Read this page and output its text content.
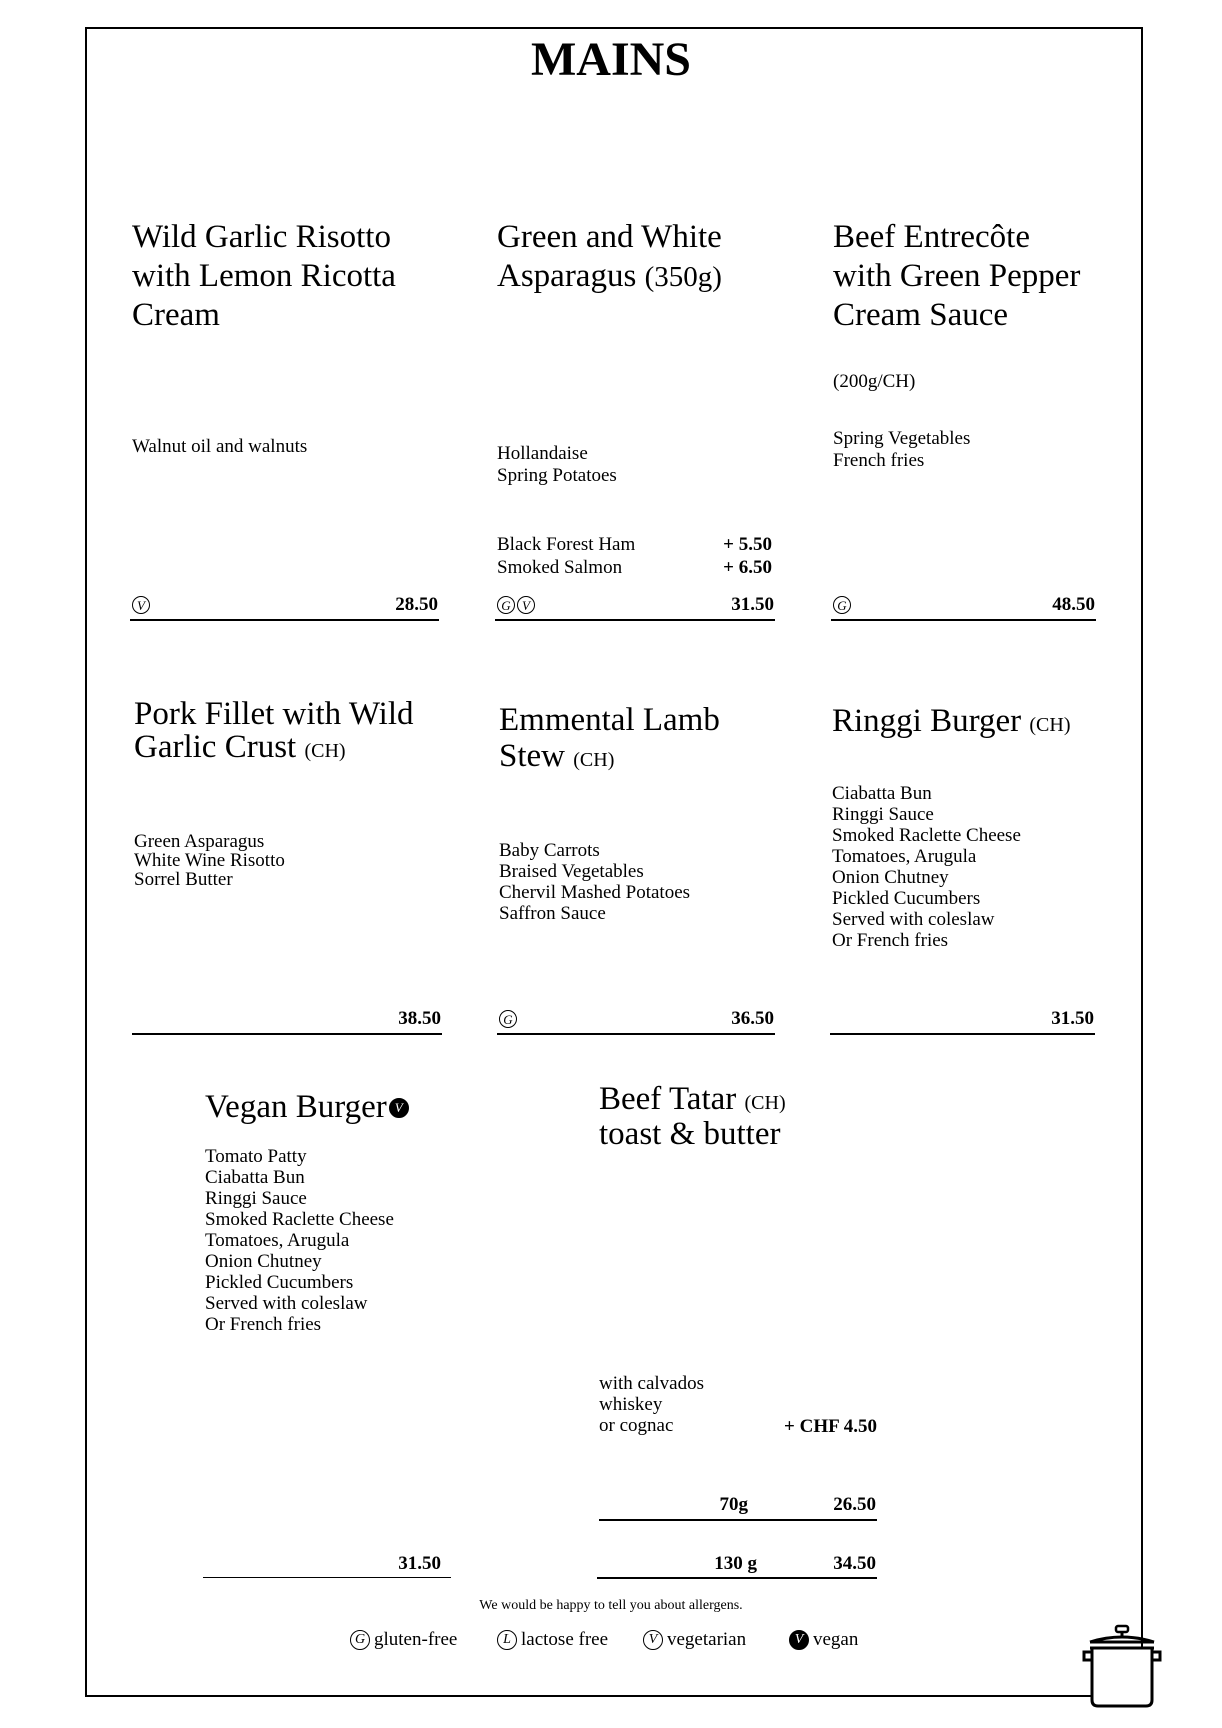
MAINS
Wild Garlic Risotto with Lemon Ricotta Cream
Walnut oil and walnuts
V	28.50
Green and White Asparagus (350g)
Hollandaise
Spring Potatoes
Black Forest Ham	+ 5.50
Smoked Salmon	+ 6.50
G V	31.50
Beef Entrecôte with Green Pepper Cream Sauce
(200g/CH)
Spring Vegetables
French fries
G	48.50
Pork Fillet with Wild
Garlic Crust (CH)
Green Asparagus
White Wine Risotto
Sorrel Butter
38.50
Emmental Lamb
Stew (CH)
Baby Carrots
Braised Vegetables
Chervil Mashed Potatoes
Saffron Sauce
G	36.50
Ringgi Burger (CH)
Ciabatta Bun
Ringgi Sauce
Smoked Raclette Cheese
Tomatoes, Arugula
Onion Chutney
Pickled Cucumbers
Served with coleslaw
Or French fries
31.50
Vegan Burger V
Tomato Patty
Ciabatta Bun
Ringgi Sauce
Smoked Raclette Cheese
Tomatoes, Arugula
Onion Chutney
Pickled Cucumbers
Served with coleslaw
Or French fries
31.50
Beef Tatar (CH)
toast & butter
with calvados
whiskey
or cognac	+ CHF 4.50
70g	26.50
130 g	34.50
We would be happy to tell you about allergens.
G gluten-free	L lactose free	V vegetarian	V vegan
